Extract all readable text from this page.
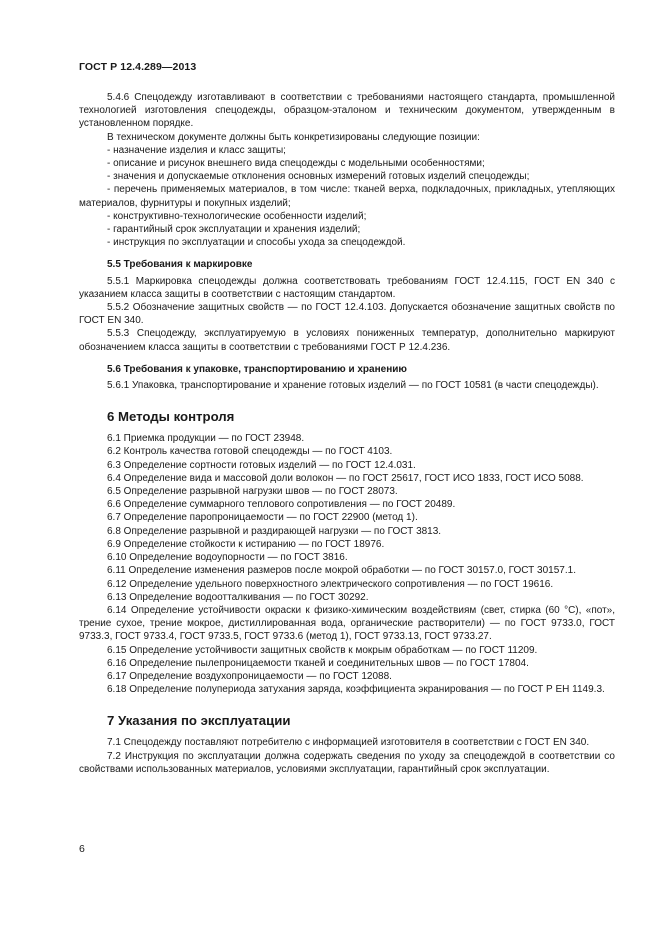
ГОСТ Р 12.4.289—2013

5.4.6 Спецодежду изготавливают в соответствии с требованиями настоящего стандарта, промышленной технологией изготовления спецодежды, образцом-эталоном и техническим документом, утвержденным в установленном порядке.

В техническом документе должны быть конкретизированы следующие позиции:

- назначение изделия и класс защиты;

- описание и рисунок внешнего вида спецодежды с модельными особенностями;

- значения и допускаемые отклонения основных измерений готовых изделий спецодежды;

- перечень применяемых материалов, в том числе: тканей верха, подкладочных, прикладных, утепляющих материалов, фурнитуры и покупных изделий;

- конструктивно-технологические особенности изделий;

- гарантийный срок эксплуатации и хранения изделий;

- инструкция по эксплуатации и способы ухода за спецодеждой.

5.5 Требования к маркировке

5.5.1 Маркировка спецодежды должна соответствовать требованиям ГОСТ 12.4.115, ГОСТ EN 340 с указанием класса защиты в соответствии с настоящим стандартом.

5.5.2 Обозначение защитных свойств — по ГОСТ 12.4.103. Допускается обозначение защитных свойств по ГОСТ EN 340.

5.5.3 Спецодежду, эксплуатируемую в условиях пониженных температур, дополнительно маркируют обозначением класса защиты в соответствии с требованиями ГОСТ Р 12.4.236.

5.6 Требования к упаковке, транспортированию и хранению

5.6.1 Упаковка, транспортирование и хранение готовых изделий — по ГОСТ 10581 (в части спецодежды).

6 Методы контроля

6.1 Приемка продукции — по ГОСТ 23948.

6.2 Контроль качества готовой спецодежды — по ГОСТ 4103.

6.3 Определение сортности готовых изделий — по ГОСТ 12.4.031.

6.4 Определение вида и массовой доли волокон — по ГОСТ 25617, ГОСТ ИСО 1833, ГОСТ ИСО 5088.

6.5 Определение разрывной нагрузки швов — по ГОСТ 28073.

6.6 Определение суммарного теплового сопротивления — по ГОСТ 20489.

6.7 Определение паропроницаемости — по ГОСТ 22900 (метод 1).

6.8 Определение разрывной и раздирающей нагрузки — по ГОСТ 3813.

6.9 Определение стойкости к истиранию — по ГОСТ 18976.

6.10 Определение водоупорности — по ГОСТ 3816.

6.11 Определение изменения размеров после мокрой обработки — по ГОСТ 30157.0, ГОСТ 30157.1.

6.12 Определение удельного поверхностного электрического сопротивления — по ГОСТ 19616.

6.13 Определение водоотталкивания — по ГОСТ 30292.

6.14 Определение устойчивости окраски к физико-химическим воздействиям (свет, стирка (60 °С), «пот», трение сухое, трение мокрое, дистиллированная вода, органические растворители) — по ГОСТ 9733.0, ГОСТ 9733.3, ГОСТ 9733.4, ГОСТ 9733.5, ГОСТ 9733.6 (метод 1), ГОСТ 9733.13, ГОСТ 9733.27.

6.15 Определение устойчивости защитных свойств к мокрым обработкам — по ГОСТ 11209.

6.16 Определение пылепроницаемости тканей и соединительных швов — по ГОСТ 17804.

6.17 Определение воздухопроницаемости — по ГОСТ 12088.

6.18 Определение полупериода затухания заряда, коэффициента экранирования — по ГОСТ Р ЕН 1149.3.

7 Указания по эксплуатации

7.1 Спецодежду поставляют потребителю с информацией изготовителя в соответствии с ГОСТ EN 340.

7.2 Инструкция по эксплуатации должна содержать сведения по уходу за спецодеждой в соответствии со свойствами использованных материалов, условиями эксплуатации, гарантийный срок эксплуатации.

6
